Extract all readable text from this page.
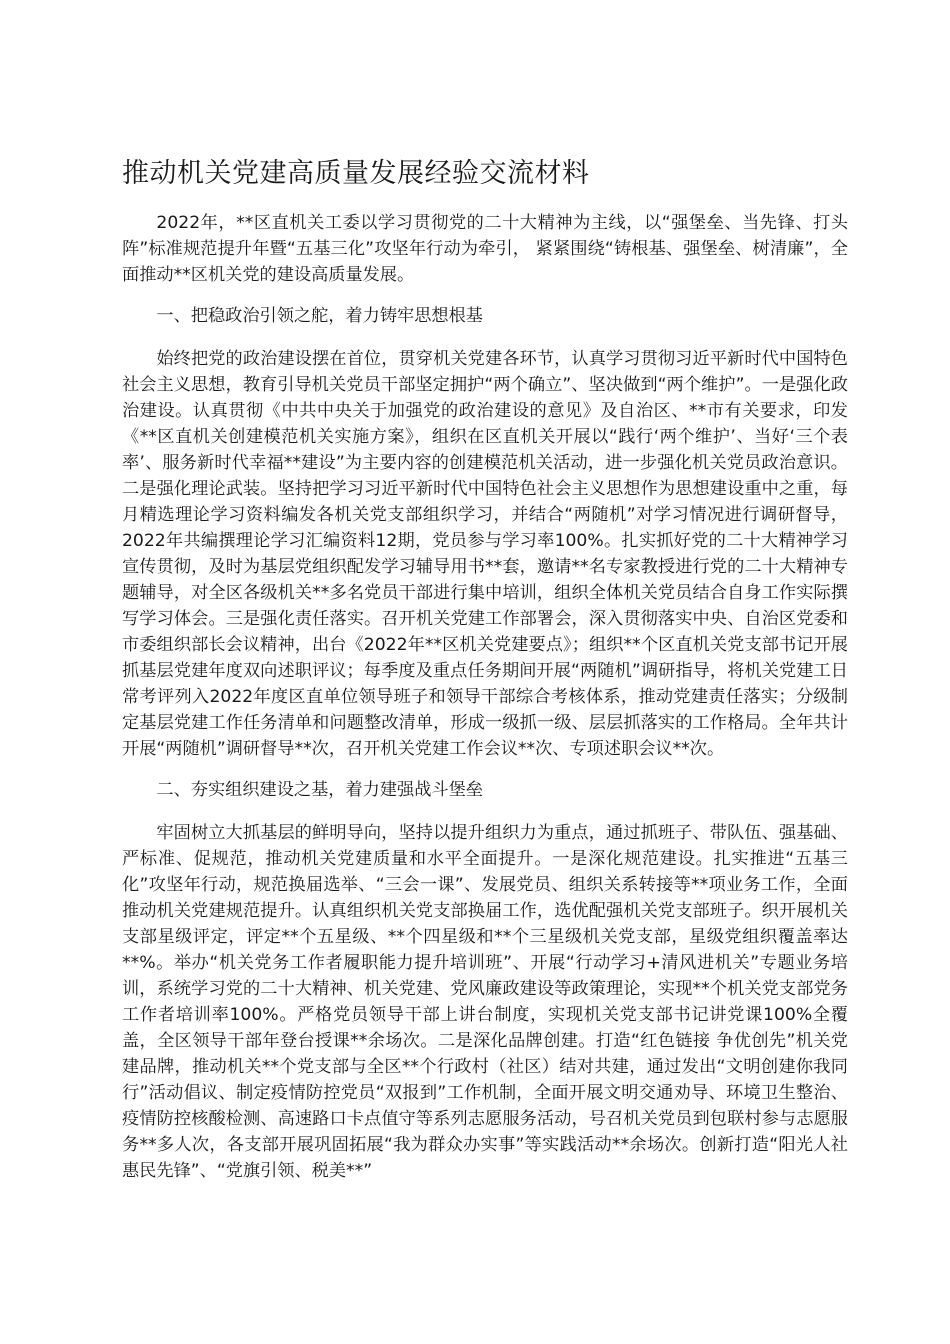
推动机关党建高质量发展经验交流材料

2022年，**区直机关工委以学习贯彻党的二十大精神为主线，以“强堡垒、当先锋、打头阵”标准规范提升年暨“五基三化”攻坚年行动为牵引， 紧紧围绕“铸根基、强堡垒、树清廉”，全面推动**区机关党的建设高质量发展。

一、把稳政治引领之舵，着力铸牢思想根基

始终把党的政治建设摆在首位，贯穿机关党建各环节，认真学习贯彻习近平新时代中国特色社会主义思想，教育引导机关党员干部坚定拥护“两个确立”、坚决做到“两个维护”。一是强化政治建设。认真贯彻《中共中央关于加强党的政治建设的意见》及自治区、**市有关要求，印发《**区直机关创建模范机关实施方案》，组织在区直机关开展以“践行‘两个维护’、当好‘三个表率’、服务新时代幸福**建设”为主要内容的创建模范机关活动，进一步强化机关党员政治意识。二是强化理论武装。坚持把学习习近平新时代中国特色社会主义思想作为思想建设重中之重，每月精选理论学习资料编发各机关党支部组织学习，并结合“两随机”对学习情况进行调研督导，2022年共编撰理论学习汇编资料12期，党员参与学习率100%。扎实抓好党的二十大精神学习宣传贯彻，及时为基层党组织配发学习辅导用书**套，邀请**名专家教授进行党的二十大精神专题辅导，对全区各级机关**多名党员干部进行集中培训，组织全体机关党员结合自身工作实际撰写学习体会。三是强化责任落实。召开机关党建工作部署会，深入贯彻落实中央、自治区党委和市委组织部长会议精神，出台《2022年**区机关党建要点》；组织**个区直机关党支部书记开展抓基层党建年度双向述职评议；每季度及重点任务期间开展“两随机”调研指导，将机关党建工日常考评列入2022年度区直单位领导班子和领导干部综合考核体系，推动党建责任落实；分级制定基层党建工作任务清单和问题整改清单，形成一级抓一级、层层抓落实的工作格局。全年共计开展“两随机”调研督导**次，召开机关党建工作会议**次、专项述职会议**次。

二、夯实组织建设之基，着力建强战斗堡垒

牢固树立大抓基层的鲜明导向，坚持以提升组织力为重点，通过抓班子、带队伍、强基础、严标准、促规范，推动机关党建质量和水平全面提升。一是深化规范建设。扎实推进“五基三化”攻坚年行动，规范换届选举、“三会一课”、发展党员、组织关系转接等**项业务工作，全面推动机关党建规范提升。认真组织机关党支部换届工作，选优配强机关党支部班子。织开展机关支部星级评定，评定**个五星级、**个四星级和**个三星级机关党支部，星级党组织覆盖率达**%。举办“机关党务工作者履职能力提升培训班”、开展“行动学习+清风进机关”专题业务培训，系统学习党的二十大精神、机关党建、党风廉政建设等政策理论，实现**个机关党支部党务工作者培训率100%。严格党员领导干部上讲台制度，实现机关党支部书记讲党课100%全覆盖，全区领导干部年登台授课**余场次。二是深化品牌创建。打造“红色链接 争优创先”机关党建品牌，推动机关**个党支部与全区**个行政村（社区）结对共建，通过发出“文明创建你我同行”活动倡议、制定疫情防控党员“双报到”工作机制，全面开展文明交通劝导、环境卫生整治、疫情防控核酸检测、高速路口卡点值守等系列志愿服务活动，号召机关党员到包联村参与志愿服务**多人次，各支部开展巩固拓展“我为群众办实事”等实践活动**余场次。创新打造“阳光人社 惠民先锋”、“党旗引领、税美**”
